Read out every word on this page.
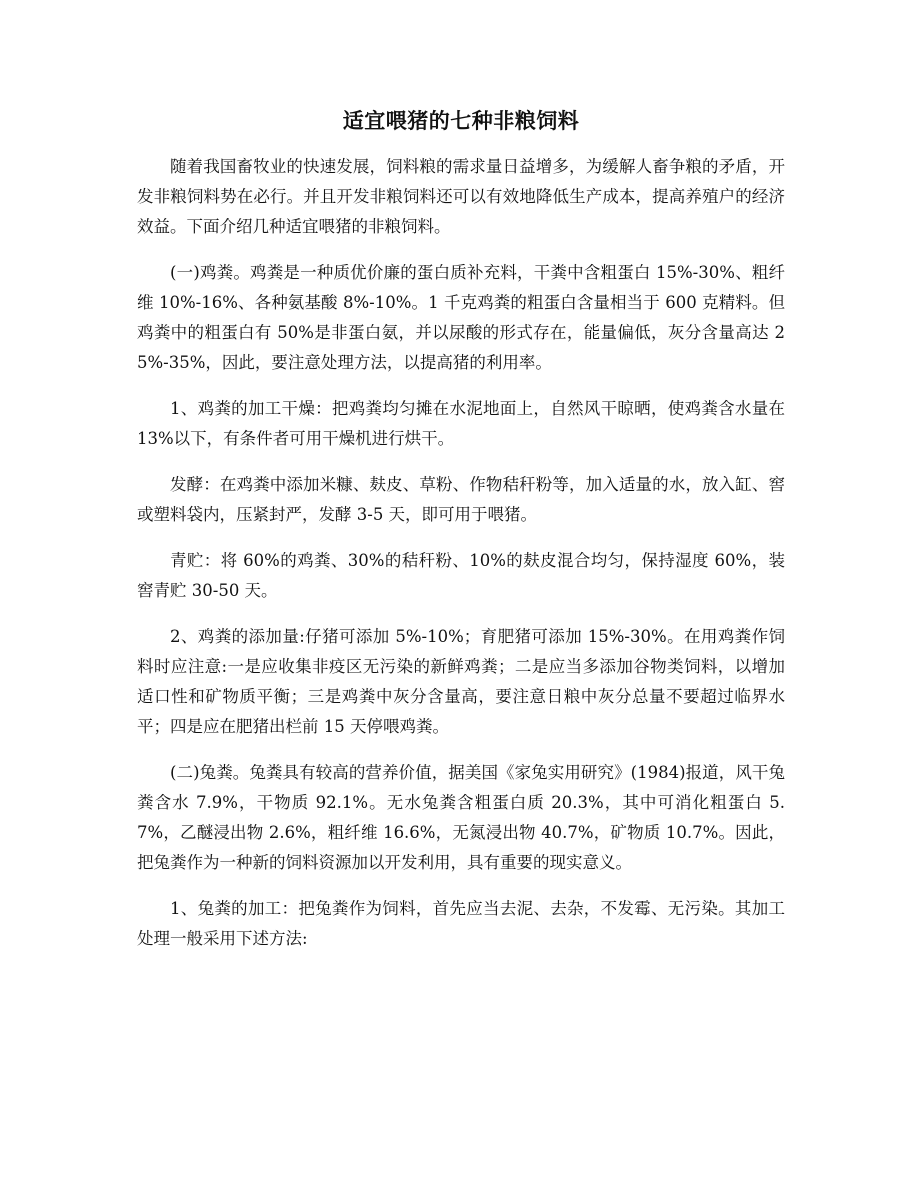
适宜喂猪的七种非粮饲料

随着我国畜牧业的快速发展，饲料粮的需求量日益增多，为缓解人畜争粮的矛盾，开发非粮饲料势在必行。并且开发非粮饲料还可以有效地降低生产成本，提高养殖户的经济效益。下面介绍几种适宜喂猪的非粮饲料。

(一)鸡粪。鸡粪是一种质优价廉的蛋白质补充料，干粪中含粗蛋白 15%-30%、粗纤维 10%-16%、各种氨基酸 8%-10%。1 千克鸡粪的粗蛋白含量相当于 600 克精料。但鸡粪中的粗蛋白有 50%是非蛋白氨，并以尿酸的形式存在，能量偏低，灰分含量高达 25%-35%，因此，要注意处理方法，以提高猪的利用率。

1、鸡粪的加工干燥：把鸡粪均匀摊在水泥地面上，自然风干晾晒，使鸡粪含水量在 13%以下，有条件者可用干燥机进行烘干。

发酵：在鸡粪中添加米糠、麸皮、草粉、作物秸秆粉等，加入适量的水，放入缸、窖或塑料袋内，压紧封严，发酵 3-5 天，即可用于喂猪。

青贮：将 60%的鸡粪、30%的秸秆粉、10%的麸皮混合均匀，保持湿度 60%，装窖青贮 30-50 天。

2、鸡粪的添加量:仔猪可添加 5%-10%；育肥猪可添加 15%-30%。在用鸡粪作饲料时应注意:一是应收集非疫区无污染的新鲜鸡粪；二是应当多添加谷物类饲料，以增加适口性和矿物质平衡；三是鸡粪中灰分含量高，要注意日粮中灰分总量不要超过临界水平；四是应在肥猪出栏前 15 天停喂鸡粪。

(二)兔粪。兔粪具有较高的营养价值，据美国《家兔实用研究》(1984)报道，风干兔粪含水 7.9%，干物质 92.1%。无水兔粪含粗蛋白质 20.3%，其中可消化粗蛋白 5.7%，乙醚浸出物 2.6%，粗纤维 16.6%，无氮浸出物 40.7%，矿物质 10.7%。因此，把兔粪作为一种新的饲料资源加以开发利用，具有重要的现实意义。

1、兔粪的加工：把兔粪作为饲料，首先应当去泥、去杂，不发霉、无污染。其加工处理一般采用下述方法:
